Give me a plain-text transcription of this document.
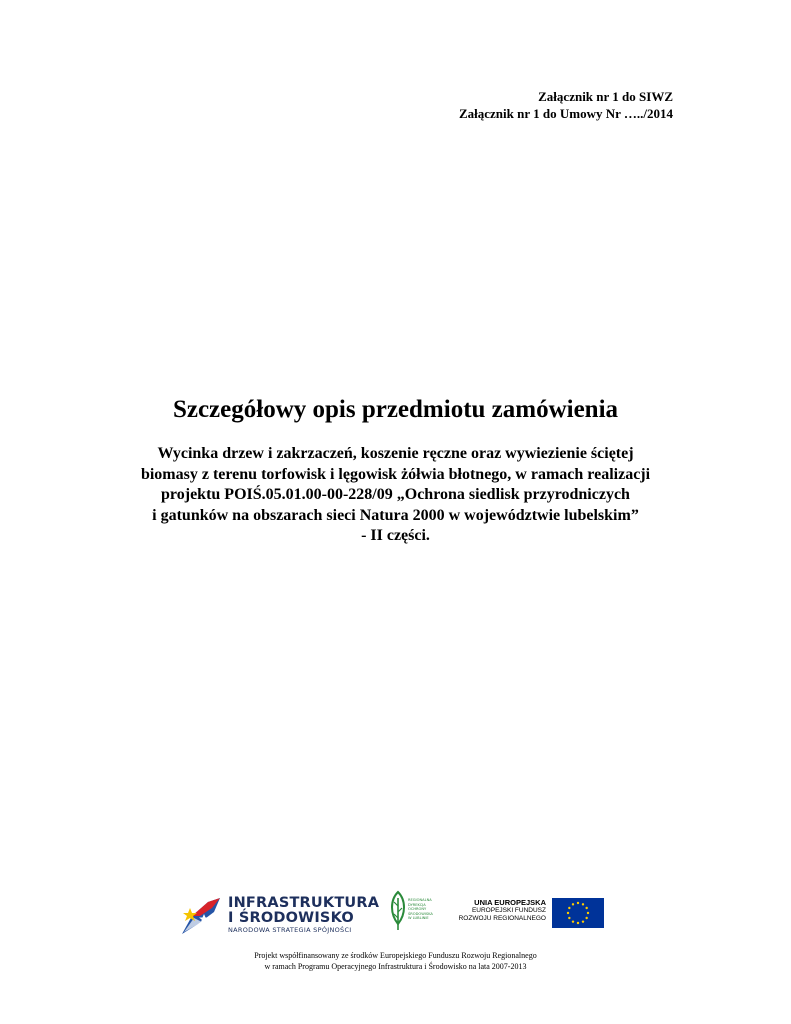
Załącznik nr 1 do SIWZ
Załącznik nr 1 do Umowy Nr …../2014
Szczegółowy opis przedmiotu zamówienia
Wycinka drzew i zakrzaczeń, koszenie ręczne oraz wywiezienie ściętej
biomasy z terenu torfowisk i lęgowisk żółwia błotnego, w ramach realizacji
projektu POIŚ.05.01.00-00-228/09 „Ochrona siedlisk przyrodniczych
i gatunków na obszarach sieci Natura 2000 w województwie lubelskim”
- II części.
INFRASTRUKTURA
I ŚRODOWISKO
NARODOWA STRATEGIA SPÓJNOŚCI
REGIONALNA
DYREKCJA
OCHRONY
ŚRODOWISKA
W LUBLINIE
UNIA EUROPEJSKA
EUROPEJSKI FUNDUSZ
ROZWOJU REGIONALNEGO
Projekt współfinansowany ze środków Europejskiego Funduszu Rozwoju Regionalnego
w ramach Programu Operacyjnego Infrastruktura i Środowisko na lata 2007-2013
